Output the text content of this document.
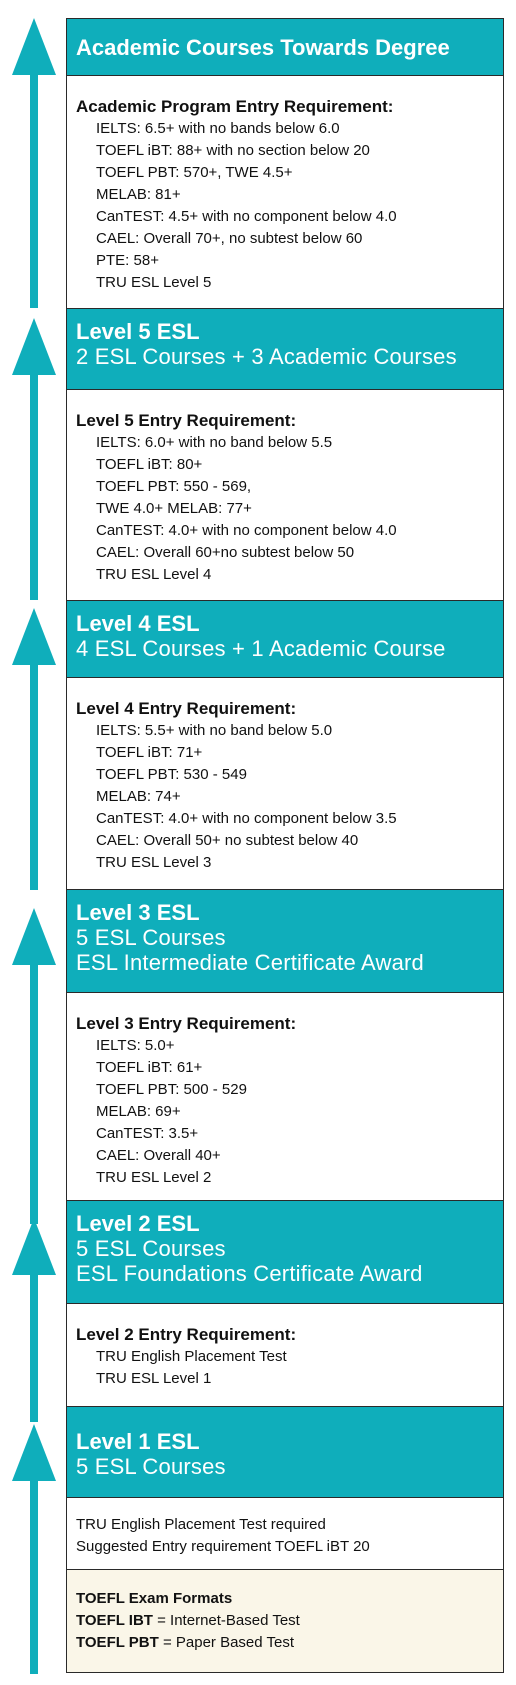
Academic Courses Towards Degree
Academic Program Entry Requirement:
IELTS: 6.5+ with no bands below 6.0
TOEFL iBT: 88+ with no section below 20
TOEFL PBT: 570+, TWE 4.5+
MELAB: 81+
CanTEST: 4.5+ with no component below 4.0
CAEL: Overall 70+, no subtest below 60
PTE: 58+
TRU ESL Level 5
Level 5 ESL
2 ESL Courses + 3 Academic Courses
Level 5 Entry Requirement:
IELTS: 6.0+ with no band below 5.5
TOEFL iBT: 80+
TOEFL PBT: 550 - 569,
TWE 4.0+ MELAB: 77+
CanTEST: 4.0+ with no component below 4.0
CAEL: Overall 60+no subtest below 50
TRU ESL Level 4
Level 4 ESL
4 ESL Courses + 1 Academic Course
Level 4 Entry Requirement:
IELTS: 5.5+ with no band below 5.0
TOEFL iBT: 71+
TOEFL PBT: 530 - 549
MELAB: 74+
CanTEST: 4.0+ with no component below 3.5
CAEL: Overall 50+ no subtest below 40
TRU ESL Level 3
Level 3 ESL
5 ESL Courses
ESL Intermediate Certificate Award
Level 3 Entry Requirement:
IELTS: 5.0+
TOEFL iBT: 61+
TOEFL PBT: 500 - 529
MELAB: 69+
CanTEST: 3.5+
CAEL: Overall 40+
TRU ESL Level 2
Level 2 ESL
5 ESL Courses
ESL Foundations Certificate Award
Level 2 Entry Requirement:
TRU English Placement Test
TRU ESL Level 1
Level 1 ESL
5 ESL Courses

TRU English Placement Test required

Suggested Entry requirement TOEFL iBT 20

TOEFL Exam Formats

TOEFL IBT = Internet-Based Test

TOEFL PBT = Paper Based Test
